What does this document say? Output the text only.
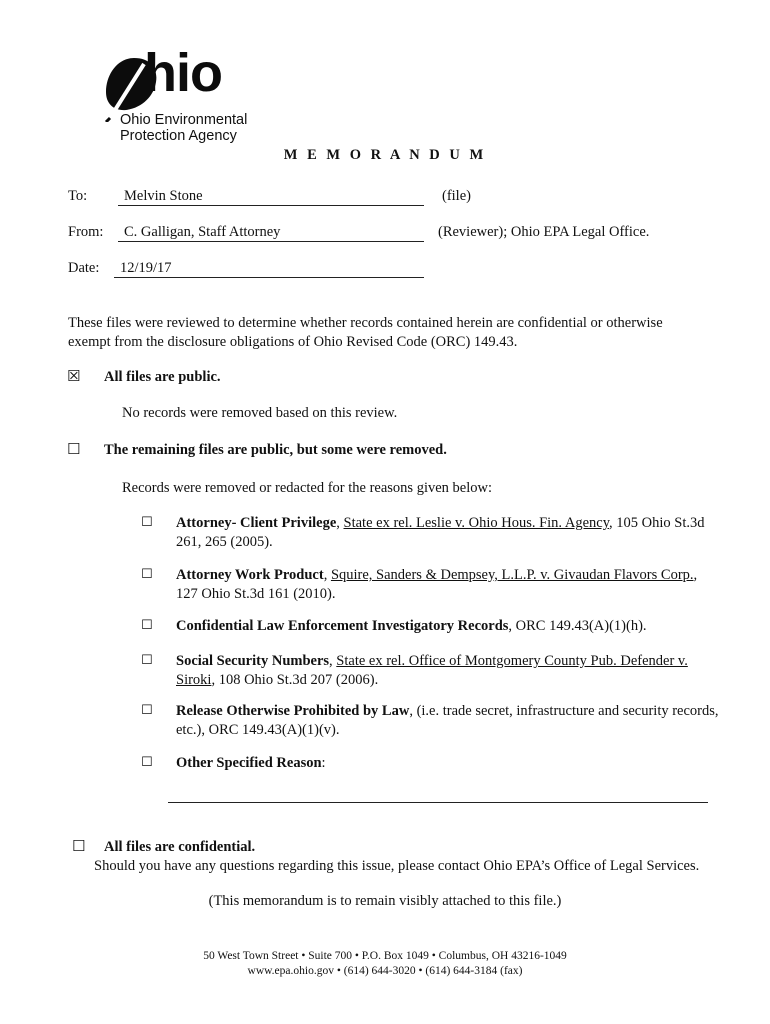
hio
Ohio Environmental
Protection Agency
M E M O R A N D U M
To:	Melvin Stone	(file)
From:	C. Galligan, Staff Attorney	(Reviewer); Ohio EPA Legal Office.
Date:	12/19/17
These files were reviewed to determine whether records contained herein are confidential or otherwise
exempt from the disclosure obligations of Ohio Revised Code (ORC) 149.43.
☒ All files are public.
No records were removed based on this review.
☐ The remaining files are public, but some were removed.
Records were removed or redacted for the reasons given below:
☐ Attorney- Client Privilege, State ex rel. Leslie v. Ohio Hous. Fin. Agency, 105 Ohio St.3d
261, 265 (2005).
☐ Attorney Work Product, Squire, Sanders & Dempsey, L.L.P. v. Givaudan Flavors Corp.,
127 Ohio St.3d 161 (2010).
☐ Confidential Law Enforcement Investigatory Records, ORC 149.43(A)(1)(h).
☐ Social Security Numbers, State ex rel. Office of Montgomery County Pub. Defender v.
Siroki, 108 Ohio St.3d 207 (2006).
☐ Release Otherwise Prohibited by Law, (i.e. trade secret, infrastructure and security records,
etc.), ORC 149.43(A)(1)(v).
☐ Other Specified Reason:
☐ All files are confidential.
Should you have any questions regarding this issue, please contact Ohio EPA’s Office of Legal Services.
(This memorandum is to remain visibly attached to this file.)
50 West Town Street • Suite 700 • P.O. Box 1049 • Columbus, OH 43216-1049
www.epa.ohio.gov • (614) 644-3020 • (614) 644-3184 (fax)
